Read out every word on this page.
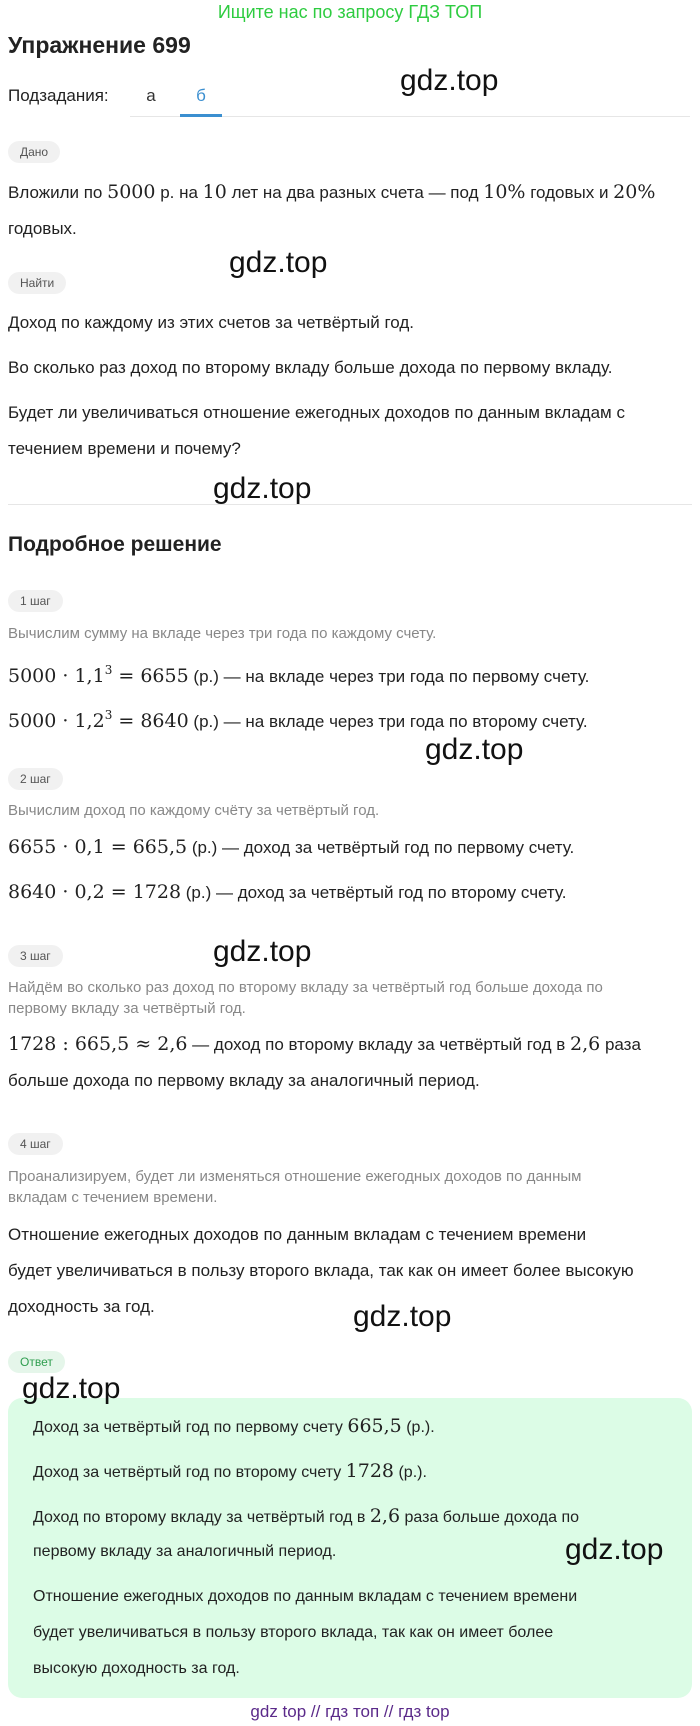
Ищите нас по запросу ГДЗ ТОП
Упражнение 699
Подзадания:	а	б
Дано
Вложили по 5000 р. на 10 лет на два разных счета — под 10% годовых и 20%
годовых.
Найти
Доход по каждому из этих счетов за четвёртый год.
Во сколько раз доход по второму вкладу больше дохода по первому вкладу.
Будет ли увеличиваться отношение ежегодных доходов по данным вкладам с
течением времени и почему?
Подробное решение
1 шаг
Вычислим сумму на вкладе через три года по каждому счету.
$5000 \cdot 1,1^3 = 6655$ (р.) — на вкладе через три года по первому счету.
$5000 \cdot 1,2^3 = 8640$ (р.) — на вкладе через три года по второму счету.
2 шаг
Вычислим доход по каждому счёту за четвёртый год.
6655 · 0,1 = 665,5 (р.) — доход за четвёртый год по первому счету.
8640 · 0,2 = 1728 (р.) — доход за четвёртый год по второму счету.
3 шаг
Найдём во сколько раз доход по второму вкладу за четвёртый год больше дохода по
первому вкладу за четвёртый год.
1728 : 665,5 ≈ 2,6 — доход по второму вкладу за четвёртый год в 2,6 раза
больше дохода по первому вкладу за аналогичный период.
4 шаг
Проанализируем, будет ли изменяться отношение ежегодных доходов по данным
вкладам с течением времени.
Отношение ежегодных доходов по данным вкладам с течением времени
будет увеличиваться в пользу второго вклада, так как он имеет более высокую
доходность за год.
Ответ
Доход за четвёртый год по первому счету 665,5 (р.).
Доход за четвёртый год по второму счету 1728 (р.).
Доход по второму вкладу за четвёртый год в 2,6 раза больше дохода по
первому вкладу за аналогичный период.
Отношение ежегодных доходов по данным вкладам с течением времени
будет увеличиваться в пользу второго вклада, так как он имеет более
высокую доходность за год.
gdz.top
gdz.top
gdz.top
gdz.top
gdz.top
gdz.top
gdz.top
gdz.top
gdz top // гдз топ // гдз top
